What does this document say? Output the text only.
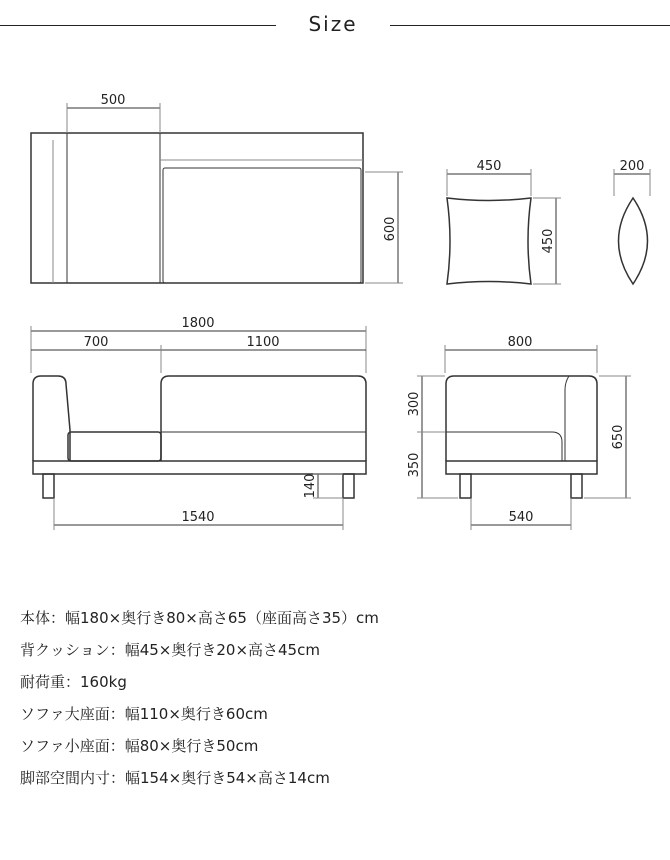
Size
500
600
450
450
200
1800
700	1100
140
1540
800
300
350
650
540
本体：幅180×奥行き80×高さ65（座面高さ35）cm
背クッション：幅45×奥行き20×高さ45cm
耐荷重：160kg
ソファ大座面：幅110×奥行き60cm
ソファ小座面：幅80×奥行き50cm
脚部空間内寸：幅154×奥行き54×高さ14cm
